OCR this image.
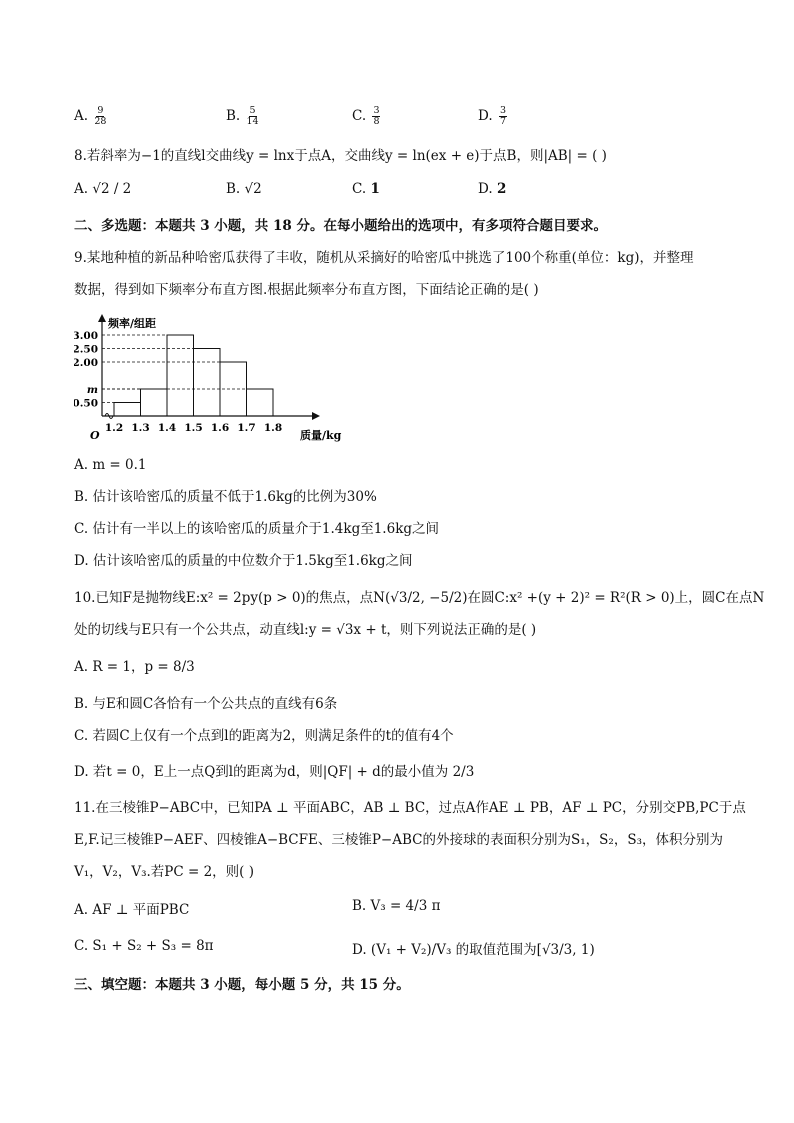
A. $\frac{9}{28}$	B. $\frac{5}{14}$	C. $\frac{3}{8}$	D. $\frac{3}{7}$
8.若斜率为−1的直线l交曲线y = lnx于点A，交曲线y = ln(ex + e)于点B，则|AB| = ( )
A. √2 / 2	B. √2	C. 1	D. 2
二、多选题：本题共 3 小题，共 18 分。在每小题给出的选项中，有多项符合题目要求。
9.某地种植的新品种哈密瓜获得了丰收，随机从采摘好的哈密瓜中挑选了100个称重(单位：kg)，并整理
数据，得到如下频率分布直方图.根据此频率分布直方图，下面结论正确的是( )
频率/组距
质量/kg
O
1.2 1.3 1.4 1.5 1.6 1.7 1.8
0.50
m
2.00
2.50
3.00
A. m = 0.1
B. 估计该哈密瓜的质量不低于1.6kg的比例为30%
C. 估计有一半以上的该哈密瓜的质量介于1.4kg至1.6kg之间
D. 估计该哈密瓜的质量的中位数介于1.5kg至1.6kg之间
10.已知F是抛物线E:x² = 2py(p > 0)的焦点，点N(√3/2, −5/2)在圆C:x² +(y + 2)² = R²(R > 0)上，圆C在点N
处的切线与E只有一个公共点，动直线l:y = √3x + t，则下列说法正确的是( )
A. R = 1，p = 8/3
B. 与E和圆C各恰有一个公共点的直线有6条
C. 若圆C上仅有一个点到l的距离为2，则满足条件的t的值有4个
D. 若t = 0，E上一点Q到l的距离为d，则|QF| + d的最小值为 2/3
11.在三棱锥P−ABC中，已知PA ⊥ 平面ABC，AB ⊥ BC，过点A作AE ⊥ PB，AF ⊥ PC，分别交PB,PC于点
E,F.记三棱锥P−AEF、四棱锥A−BCFE、三棱锥P−ABC的外接球的表面积分别为S₁，S₂，S₃，体积分别为
V₁，V₂，V₃.若PC = 2，则( )
A. AF ⊥ 平面PBC	B. V₃ = 4/3 π
C. S₁ + S₂ + S₃ = 8π	D. (V₁ + V₂)/V₃ 的取值范围为[√3/3, 1)
三、填空题：本题共 3 小题，每小题 5 分，共 15 分。
